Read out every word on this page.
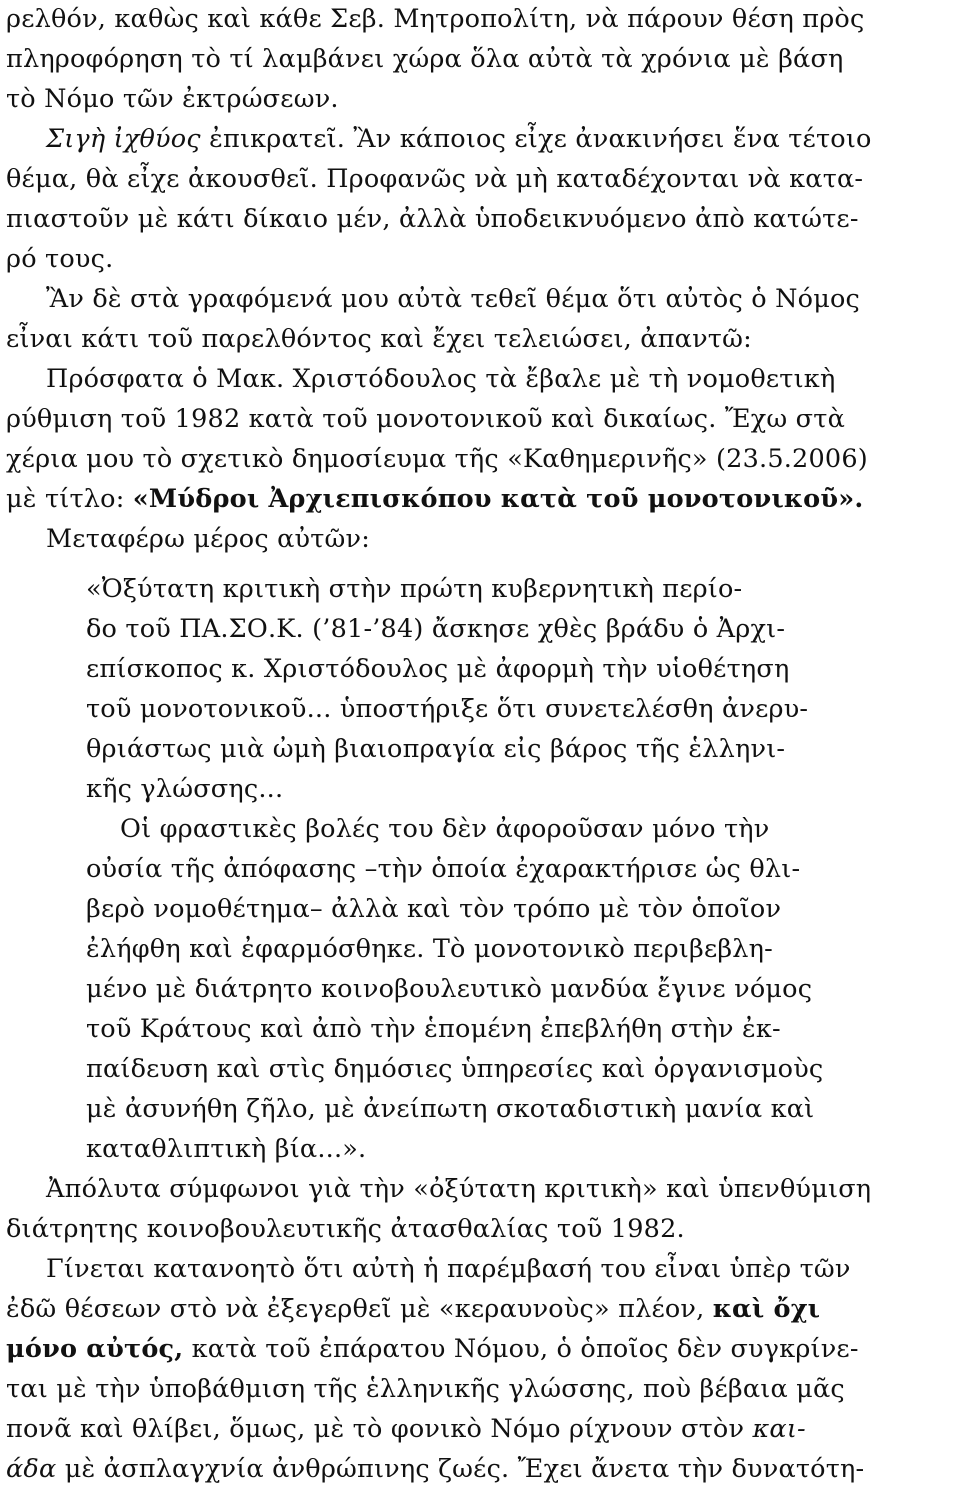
ρελθόν, καθὼς καὶ κάθε Σεβ. Μητροπολίτη, νὰ πάρουν θέση πρὸς
πληροφόρηση τὸ τί λαμβάνει χώρα ὅλα αὐτὰ τὰ χρόνια μὲ βάση
τὸ Νόμο τῶν ἐκτρώσεων.
Σιγὴ ἰχθύος ἐπικρατεῖ. Ἂν κάποιος εἶχε ἀνακινήσει ἕνα τέτοιο
θέμα, θὰ εἶχε ἀκουσθεῖ. Προφανῶς νὰ μὴ καταδέχονται νὰ κατα-
πιαστοῦν μὲ κάτι δίκαιο μέν, ἀλλὰ ὑποδεικνυόμενο ἀπὸ κατώτε-
ρό τους.
Ἂν δὲ στὰ γραφόμενά μου αὐτὰ τεθεῖ θέμα ὅτι αὐτὸς ὁ Νόμος
εἶναι κάτι τοῦ παρελθόντος καὶ ἔχει τελειώσει, ἀπαντῶ:
Πρόσφατα ὁ Μακ. Χριστόδουλος τὰ ἔβαλε μὲ τὴ νομοθετικὴ
ρύθμιση τοῦ 1982 κατὰ τοῦ μονοτονικοῦ καὶ δικαίως. Ἔχω στὰ
χέρια μου τὸ σχετικὸ δημοσίευμα τῆς «Καθημερινῆς» (23.5.2006)
μὲ τίτλο: «Μύδροι Ἀρχιεπισκόπου κατὰ τοῦ μονοτονικοῦ».
Μεταφέρω μέρος αὐτῶν:
«Ὀξύτατη κριτικὴ στὴν πρώτη κυβερνητικὴ περίο-
δο τοῦ ΠΑ.ΣΟ.Κ. (’81-’84) ἄσκησε χθὲς βράδυ ὁ Ἀρχι-
επίσκοπος κ. Χριστόδουλος μὲ ἀφορμὴ τὴν υἱοθέτηση
τοῦ μονοτονικοῦ... ὑποστήριξε ὅτι συνετελέσθη ἀνερυ-
θριάστως μιὰ ὠμὴ βιαιοπραγία εἰς βάρος τῆς ἑλληνι-
κῆς γλώσσης...
Οἱ φραστικὲς βολές του δὲν ἀφοροῦσαν μόνο τὴν
οὐσία τῆς ἀπόφασης –τὴν ὁποία ἐχαρακτήρισε ὡς θλι-
βερὸ νομοθέτημα– ἀλλὰ καὶ τὸν τρόπο μὲ τὸν ὁποῖον
ἐλήφθη καὶ ἐφαρμόσθηκε. Τὸ μονοτονικὸ περιβεβλη-
μένο μὲ διάτρητο κοινοβουλευτικὸ μανδύα ἔγινε νόμος
τοῦ Κράτους καὶ ἀπὸ τὴν ἑπομένη ἐπεβλήθη στὴν ἐκ-
παίδευση καὶ στὶς δημόσιες ὑπηρεσίες καὶ ὀργανισμοὺς
μὲ ἀσυνήθη ζῆλο, μὲ ἀνείπωτη σκοταδιστικὴ μανία καὶ
καταθλιπτικὴ βία...».
Ἀπόλυτα σύμφωνοι γιὰ τὴν «ὀξύτατη κριτικὴ» καὶ ὑπενθύμιση
διάτρητης κοινοβουλευτικῆς ἀτασθαλίας τοῦ 1982.
Γίνεται κατανοητὸ ὅτι αὐτὴ ἡ παρέμβασή του εἶναι ὑπὲρ τῶν
ἐδῶ θέσεων στὸ νὰ ἐξεγερθεῖ μὲ «κεραυνοὺς» πλέον, καὶ ὄχι
μόνο αὐτός, κατὰ τοῦ ἐπάρατου Νόμου, ὁ ὁποῖος δὲν συγκρίνε-
ται μὲ τὴν ὑποβάθμιση τῆς ἑλληνικῆς γλώσσης, ποὺ βέβαια μᾶς
πονᾶ καὶ θλίβει, ὅμως, μὲ τὸ φονικὸ Νόμο ρίχνουν στὸν και-
άδα μὲ ἀσπλαγχνία ἀνθρώπινης ζωές. Ἔχει ἄνετα τὴν δυνατότη-
